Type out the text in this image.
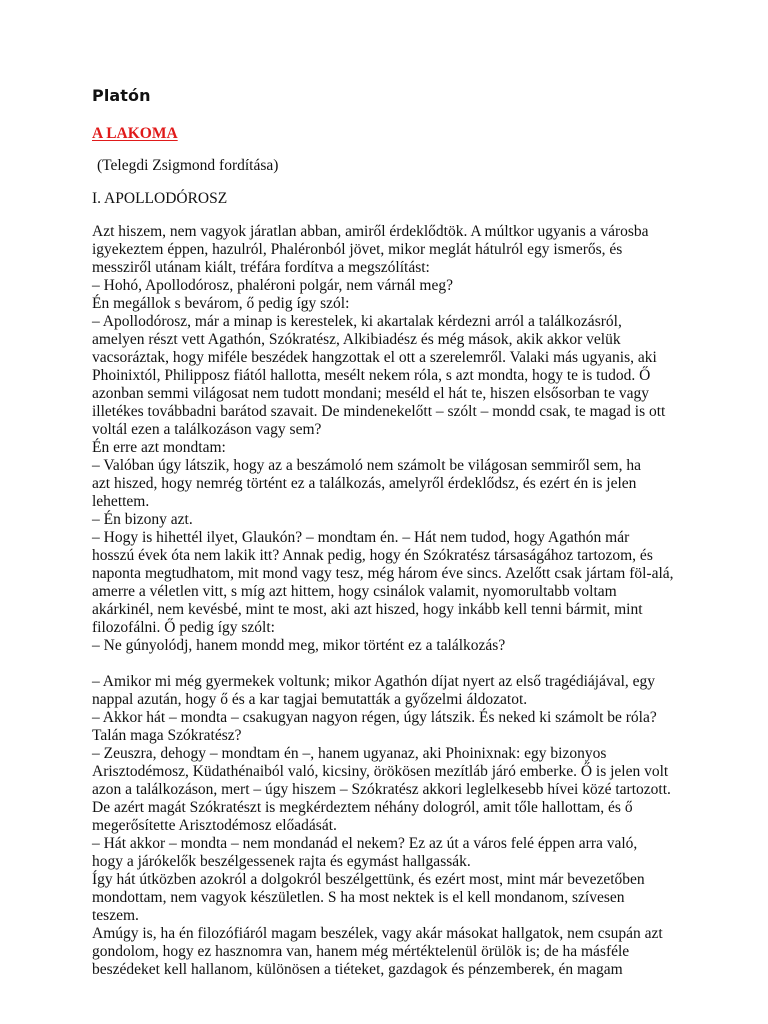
Platón
A LAKOMA
(Telegdi Zsigmond fordítása)
I. APOLLODÓROSZ
Azt hiszem, nem vagyok járatlan abban, amiről érdeklődtök. A múltkor ugyanis a városba
igyekeztem éppen, hazulról, Phaléronból jövet, mikor meglát hátulról egy ismerős, és
messziről utánam kiált, tréfára fordítva a megszólítást:
– Hohó, Apollodórosz, phaléroni polgár, nem várnál meg?
Én megállok s bevárom, ő pedig így szól:
– Apollodórosz, már a minap is kerestelek, ki akartalak kérdezni arról a találkozásról,
amelyen részt vett Agathón, Szókratész, Alkibiadész és még mások, akik akkor velük
vacsoráztak, hogy miféle beszédek hangzottak el ott a szerelemről. Valaki más ugyanis, aki
Phoinixtól, Philipposz fiától hallotta, mesélt nekem róla, s azt mondta, hogy te is tudod. Ő
azonban semmi világosat nem tudott mondani; meséld el hát te, hiszen elsősorban te vagy
illetékes továbbadni barátod szavait. De mindenekelőtt – szólt – mondd csak, te magad is ott
voltál ezen a találkozáson vagy sem?
Én erre azt mondtam:
– Valóban úgy látszik, hogy az a beszámoló nem számolt be világosan semmiről sem, ha
azt hiszed, hogy nemrég történt ez a találkozás, amelyről érdeklődsz, és ezért én is jelen
lehettem.
– Én bizony azt.
– Hogy is hihettél ilyet, Glaukón? – mondtam én. – Hát nem tudod, hogy Agathón már
hosszú évek óta nem lakik itt? Annak pedig, hogy én Szókratész társaságához tartozom, és
naponta megtudhatom, mit mond vagy tesz, még három éve sincs. Azelőtt csak jártam föl-alá,
amerre a véletlen vitt, s míg azt hittem, hogy csinálok valamit, nyomorultabb voltam
akárkinél, nem kevésbé, mint te most, aki azt hiszed, hogy inkább kell tenni bármit, mint
filozofálni. Ő pedig így szólt:
– Ne gúnyolódj, hanem mondd meg, mikor történt ez a találkozás?
– Amikor mi még gyermekek voltunk; mikor Agathón díjat nyert az első tragédiájával, egy
nappal azután, hogy ő és a kar tagjai bemutatták a győzelmi áldozatot.
– Akkor hát – mondta – csakugyan nagyon régen, úgy látszik. És neked ki számolt be róla?
Talán maga Szókratész?
– Zeuszra, dehogy – mondtam én –, hanem ugyanaz, aki Phoinixnak: egy bizonyos
Arisztodémosz, Küdathénaiból való, kicsiny, örökösen mezítláb járó emberke. Ő is jelen volt
azon a találkozáson, mert – úgy hiszem – Szókratész akkori leglelkesebb hívei közé tartozott.
De azért magát Szókratészt is megkérdeztem néhány dologról, amit tőle hallottam, és ő
megerősítette Arisztodémosz előadását.
– Hát akkor – mondta – nem mondanád el nekem? Ez az út a város felé éppen arra való,
hogy a járókelők beszélgessenek rajta és egymást hallgassák.
Így hát útközben azokról a dolgokról beszélgettünk, és ezért most, mint már bevezetőben
mondottam, nem vagyok készületlen. S ha most nektek is el kell mondanom, szívesen
teszem.
Amúgy is, ha én filozófiáról magam beszélek, vagy akár másokat hallgatok, nem csupán azt
gondolom, hogy ez hasznomra van, hanem még mértéktelenül örülök is; de ha másféle
beszédeket kell hallanom, különösen a tiéteket, gazdagok és pénzemberek, én magam
